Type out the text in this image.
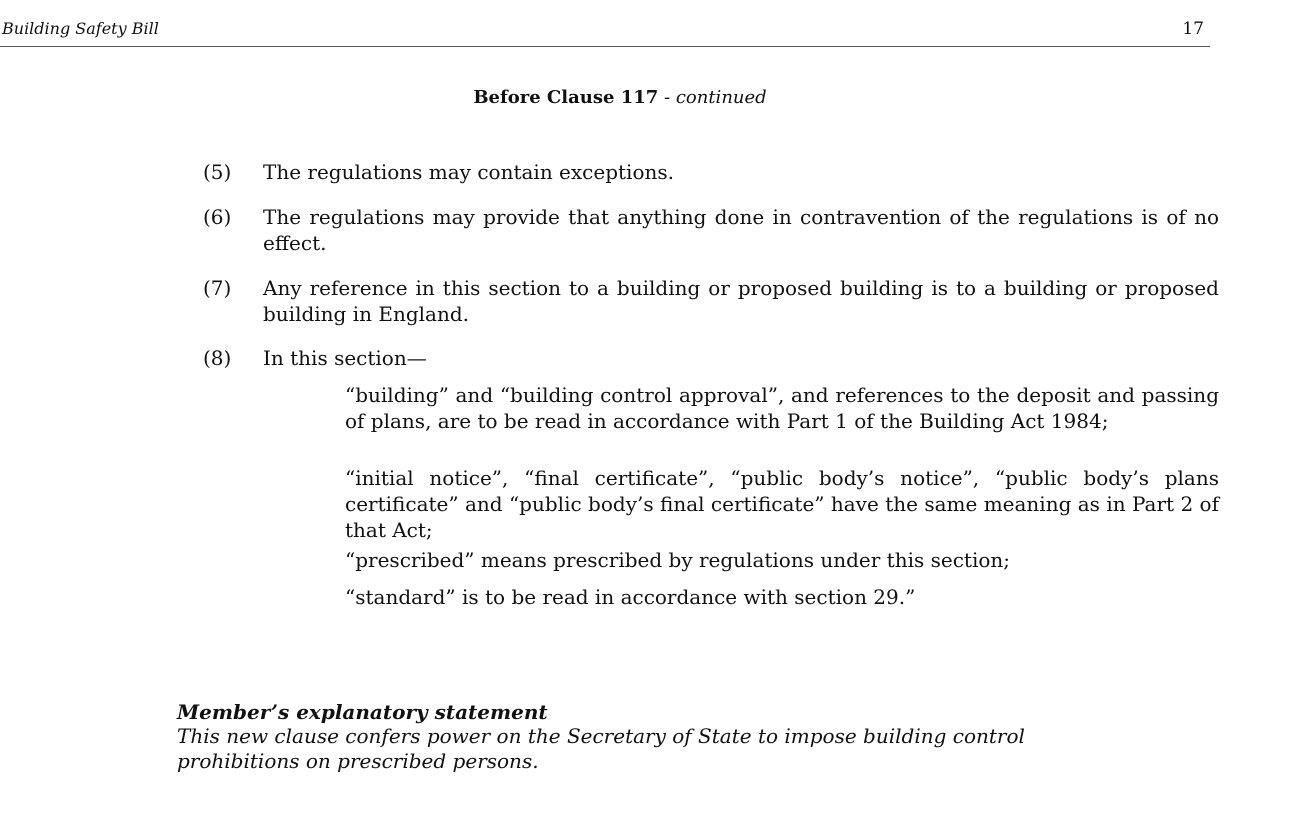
Building Safety Bill	17
Before Clause 117 - continued
(5) The regulations may contain exceptions.
(6) The regulations may provide that anything done in contravention of the regulations is of no effect.
(7) Any reference in this section to a building or proposed building is to a building or proposed building in England.
(8) In this section—
“building” and “building control approval”, and references to the deposit and passing of plans, are to be read in accordance with Part 1 of the Building Act 1984;
“initial notice”, “final certificate”, “public body’s notice”, “public body’s plans certificate” and “public body’s final certificate” have the same meaning as in Part 2 of that Act;
“prescribed” means prescribed by regulations under this section;
“standard” is to be read in accordance with section 29.”
Member’s explanatory statement
This new clause confers power on the Secretary of State to impose building control prohibitions on prescribed persons.
